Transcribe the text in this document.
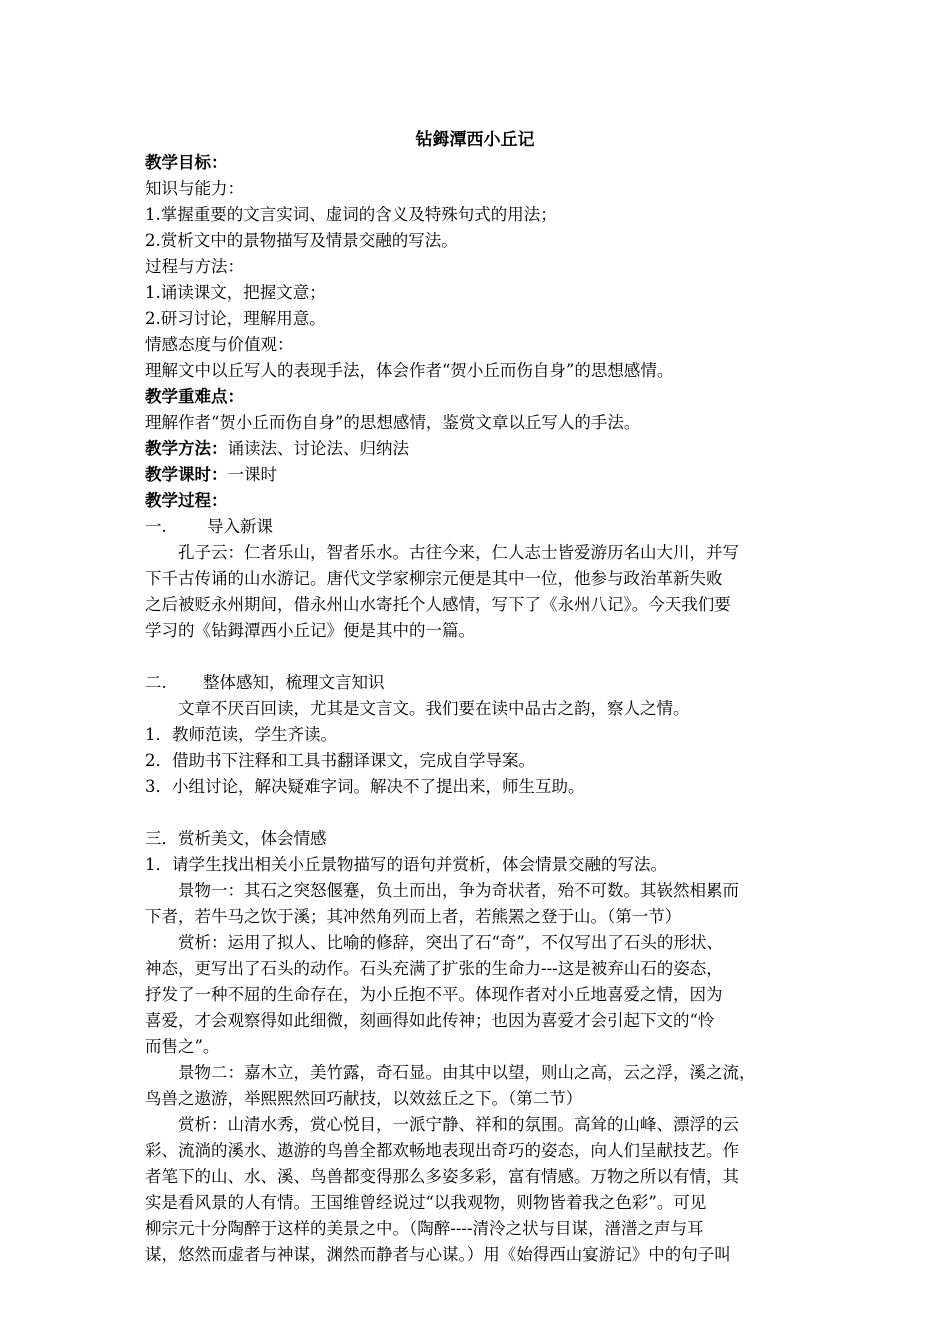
钻鉧潭西小丘记
教学目标：
知识与能力：
1.掌握重要的文言实词、虚词的含义及特殊句式的用法；
2.赏析文中的景物描写及情景交融的写法。
过程与方法：
1.诵读课文，把握文意；
2.研习讨论，理解用意。
情感态度与价值观：
理解文中以丘写人的表现手法，体会作者“贺小丘而伤自身”的思想感情。
教学重难点：
理解作者“贺小丘而伤自身”的思想感情，鉴赏文章以丘写人的手法。
教学方法：诵读法、讨论法、归纳法
教学课时：一课时
教学过程：
一. 导入新课
孔子云：仁者乐山，智者乐水。古往今来，仁人志士皆爱游历名山大川，并写
下千古传诵的山水游记。唐代文学家柳宗元便是其中一位，他参与政治革新失败
之后被贬永州期间，借永州山水寄托个人感情，写下了《永州八记》。今天我们要
学习的《钻鉧潭西小丘记》便是其中的一篇。
二. 整体感知，梳理文言知识
文章不厌百回读，尤其是文言文。我们要在读中品古之韵，察人之情。
1．教师范读，学生齐读。
2．借助书下注释和工具书翻译课文，完成自学导案。
3．小组讨论，解决疑难字词。解决不了提出来，师生互助。
三．赏析美文，体会情感
1．请学生找出相关小丘景物描写的语句并赏析，体会情景交融的写法。
景物一：其石之突怒偃蹇，负土而出，争为奇状者，殆不可数。其嵚然相累而
下者，若牛马之饮于溪；其冲然角列而上者，若熊罴之登于山。（第一节）
赏析：运用了拟人、比喻的修辞，突出了石“奇”，不仅写出了石头的形状、
神态，更写出了石头的动作。石头充满了扩张的生命力---这是被弃山石的姿态，
抒发了一种不屈的生命存在，为小丘抱不平。体现作者对小丘地喜爱之情，因为
喜爱，才会观察得如此细微，刻画得如此传神；也因为喜爱才会引起下文的“怜
而售之”。
景物二：嘉木立，美竹露，奇石显。由其中以望，则山之高，云之浮，溪之流，
鸟兽之遨游，举熙熙然回巧献技，以效兹丘之下。（第二节）
赏析：山清水秀，赏心悦目，一派宁静、祥和的氛围。高耸的山峰、漂浮的云
彩、流淌的溪水、遨游的鸟兽全都欢畅地表现出奇巧的姿态，向人们呈献技艺。作
者笔下的山、水、溪、鸟兽都变得那么多姿多彩，富有情感。万物之所以有情，其
实是看风景的人有情。王国维曾经说过“以我观物，则物皆着我之色彩”。可见
柳宗元十分陶醉于这样的美景之中。（陶醉----清泠之状与目谋，潽潽之声与耳
谋，悠然而虚者与神谋，渊然而静者与心谋。）用《始得西山宴游记》中的句子叫
